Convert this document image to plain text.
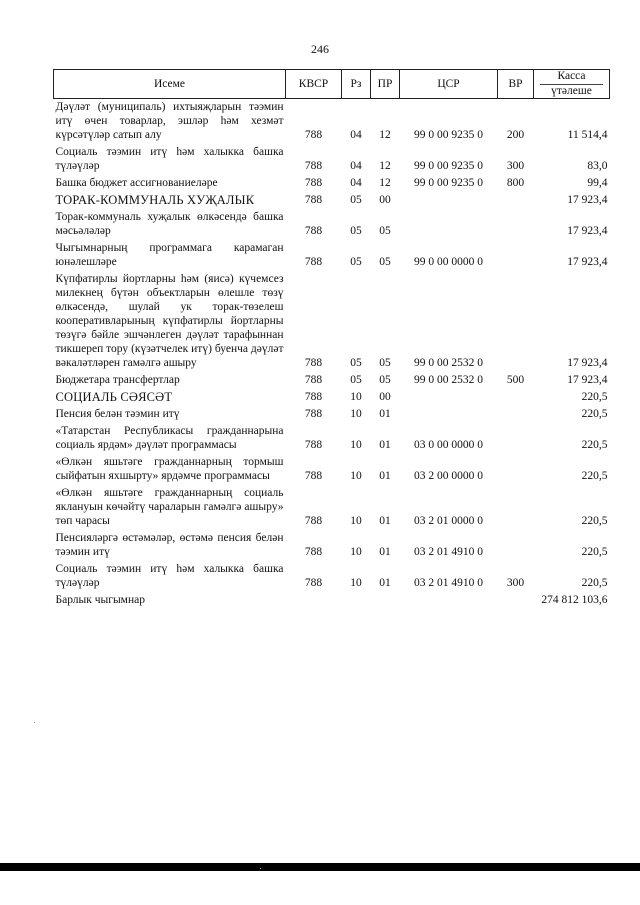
246
Исеме	КВСР	Рз	ПР	ЦСР	ВР	Касса
үтәлеше

Дәүләт (муниципаль) ихтыяҗларын тәэмин итү өчен товарлар, эшләр һәм хезмәт күрсәтүләр сатып алу	788	04	12	99 0 00 9235 0	200	11 514,4
Социаль тәэмин итү һәм халыкка башка түләүләр	788	04	12	99 0 00 9235 0	300	83,0
Башка бюджет ассигнованиеләре	788	04	12	99 0 00 9235 0	800	99,4
ТОРАК-КОММУНАЛЬ ХУҖАЛЫК	788	05	00			17 923,4
Торак-коммуналь хуҗалык өлкәсендә башка мәсьәләләр	788	05	05			17 923,4
Чыгымнарның программага карамаган юнәлешләре	788	05	05	99 0 00 0000 0		17 923,4
Күпфатирлы йортларны һәм (яисә) күчемсез милекнең бүтән объектларын өлешле төзү өлкәсендә, шулай ук торак-төзелеш кооперативларының күпфатирлы йортларны төзүгә бәйле эшчәнлеген дәүләт тарафыннан тикшереп тору (күзәтчелек итү) буенча дәүләт вәкаләтләрен гамәлгә ашыру	788	05	05	99 0 00 2532 0		17 923,4
Бюджетара трансфертлар	788	05	05	99 0 00 2532 0	500	17 923,4
СОЦИАЛЬ СӘЯСӘТ	788	10	00			220,5
Пенсия белән тәэмин итү	788	10	01			220,5
«Татарстан Республикасы гражданнарына социаль ярдәм» дәүләт программасы	788	10	01	03 0 00 0000 0		220,5
«Өлкән яшьтәге гражданнарның тормыш сыйфатын яхшырту» ярдәмче программасы	788	10	01	03 2 00 0000 0		220,5
«Өлкән яшьтәге гражданнарның социаль яклануын көчәйтү чараларын гамәлгә ашыру» төп чарасы	788	10	01	03 2 01 0000 0		220,5
Пенсияләргә өстәмәләр, өстәмә пенсия белән тәэмин итү	788	10	01	03 2 01 4910 0		220,5
Социаль тәэмин итү һәм халыкка башка түләүләр	788	10	01	03 2 01 4910 0	300	220,5
Барлык чыгымнар						274 812 103,6
